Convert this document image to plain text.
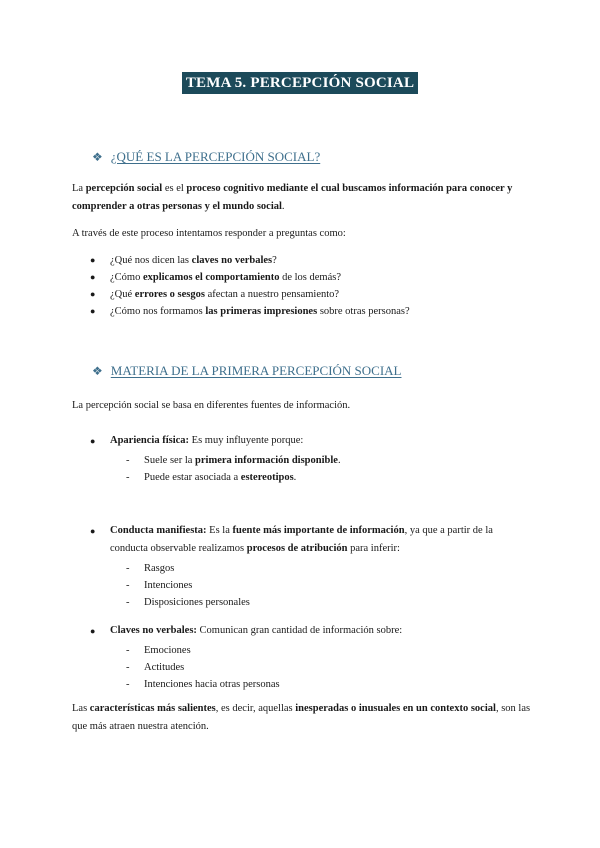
TEMA 5. PERCEPCIÓN SOCIAL
❖ ¿QUÉ ES LA PERCEPCIÓN SOCIAL?

La percepción social es el proceso cognitivo mediante el cual buscamos información para conocer y comprender a otras personas y el mundo social.

A través de este proceso intentamos responder a preguntas como:

● ¿Qué nos dicen las claves no verbales?
● ¿Cómo explicamos el comportamiento de los demás?
● ¿Qué errores o sesgos afectan a nuestro pensamiento?
● ¿Cómo nos formamos las primeras impresiones sobre otras personas?
❖ MATERIA DE LA PRIMERA PERCEPCIÓN SOCIAL

La percepción social se basa en diferentes fuentes de información.

● Apariencia física: Es muy influyente porque:
- Suele ser la primera información disponible.
- Puede estar asociada a estereotipos.
● Conducta manifiesta: Es la fuente más importante de información, ya que a partir de la conducta observable realizamos procesos de atribución para inferir:
- Rasgos
- Intenciones
- Disposiciones personales
● Claves no verbales: Comunican gran cantidad de información sobre:
- Emociones
- Actitudes
- Intenciones hacia otras personas

Las características más salientes, es decir, aquellas inesperadas o inusuales en un contexto social, son las que más atraen nuestra atención.
